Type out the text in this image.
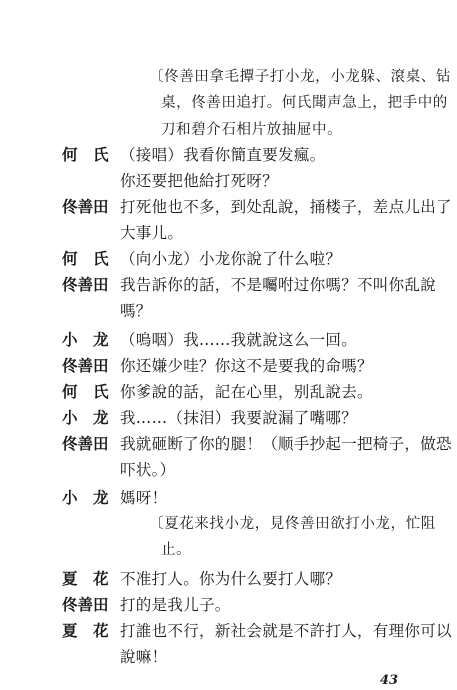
〔佟善田拿毛撢子打小龙，小龙躲、滾桌、钻
桌，佟善田追打。何氏聞声急上，把手中的
刀和碧介石相片放抽屉中。
何　氏 （接唱）我看你簡直要发瘋。
你还要把他給打死呀？
佟善田 打死他也不多，到处乱說，捅楼子，差点儿出了
大事儿。
何　氏 （向小龙）小龙你說了什么啦？
佟善田 我告訴你的話，不是囑咐过你嗎？不叫你乱說
嗎？
小　龙 （嗚咽）我……我就說这么一回。
佟善田 你还嫌少哇？你这不是要我的命嗎？
何　氏 你爹說的話，記在心里，别乱說去。
小　龙 我……（抹泪）我要說漏了嘴哪？
佟善田 我就砸断了你的腿！（顺手抄起一把椅子，做恐
吓状。）
小　龙 媽呀！
〔夏花来找小龙，見佟善田欲打小龙，忙阻
止。
夏　花 不准打人。你为什么要打人哪？
佟善田 打的是我儿子。
夏　花 打誰也不行，新社会就是不許打人，有理你可以
說嘛！
43
